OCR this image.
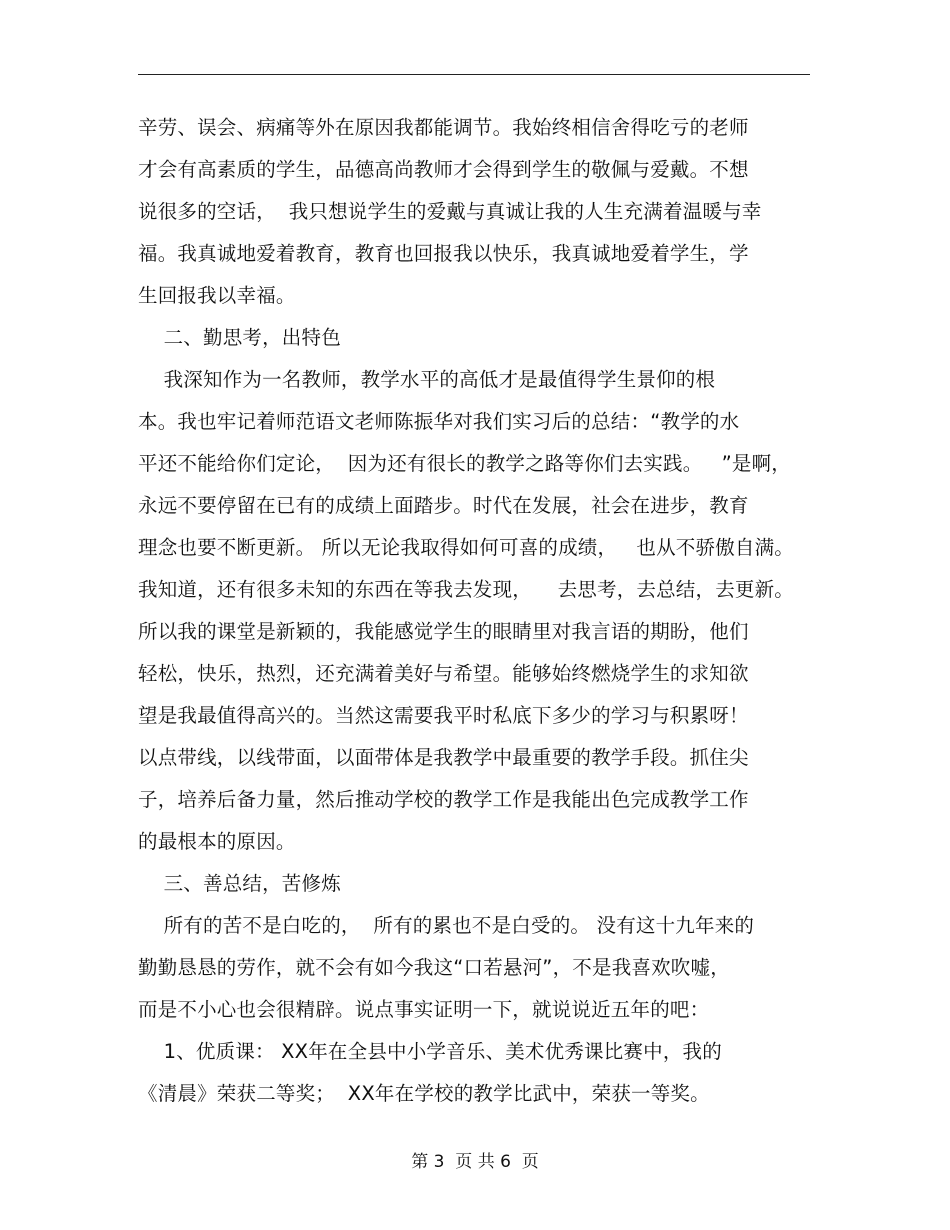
辛劳、误会、病痛等外在原因我都能调节。我始终相信舍得吃亏的老师
才会有高素质的学生，品德高尚教师才会得到学生的敬佩与爱戴。不想
说很多的空话，  我只想说学生的爱戴与真诚让我的人生充满着温暖与幸
福。我真诚地爱着教育，教育也回报我以快乐，我真诚地爱着学生，学
生回报我以幸福。
二、勤思考，出特色
我深知作为一名教师，教学水平的高低才是最值得学生景仰的根
本。我也牢记着师范语文老师陈振华对我们实习后的总结：“教学的水
平还不能给你们定论，  因为还有很长的教学之路等你们去实践。   ”是啊，
永远不要停留在已有的成绩上面踏步。时代在发展，社会在进步，教育
理念也要不断更新。 所以无论我取得如何可喜的成绩，   也从不骄傲自满。
我知道，还有很多未知的东西在等我去发现，    去思考，去总结，去更新。
所以我的课堂是新颖的，我能感觉学生的眼睛里对我言语的期盼，他们
轻松，快乐，热烈，还充满着美好与希望。能够始终燃烧学生的求知欲
望是我最值得高兴的。当然这需要我平时私底下多少的学习与积累呀！
以点带线，以线带面，以面带体是我教学中最重要的教学手段。抓住尖
子，培养后备力量，然后推动学校的教学工作是我能出色完成教学工作
的最根本的原因。
三、善总结，苦修炼
所有的苦不是白吃的，  所有的累也不是白受的。 没有这十九年来的
勤勤恳恳的劳作，就不会有如今我这“口若悬河”，不是我喜欢吹嘘，
而是不小心也会很精辟。说点事实证明一下，就说说近五年的吧：
1、优质课： XX年在全县中小学音乐、美术优秀课比赛中，我的
《清晨》荣获二等奖；  XX年在学校的教学比武中，荣获一等奖。
第 3  页 共 6  页
